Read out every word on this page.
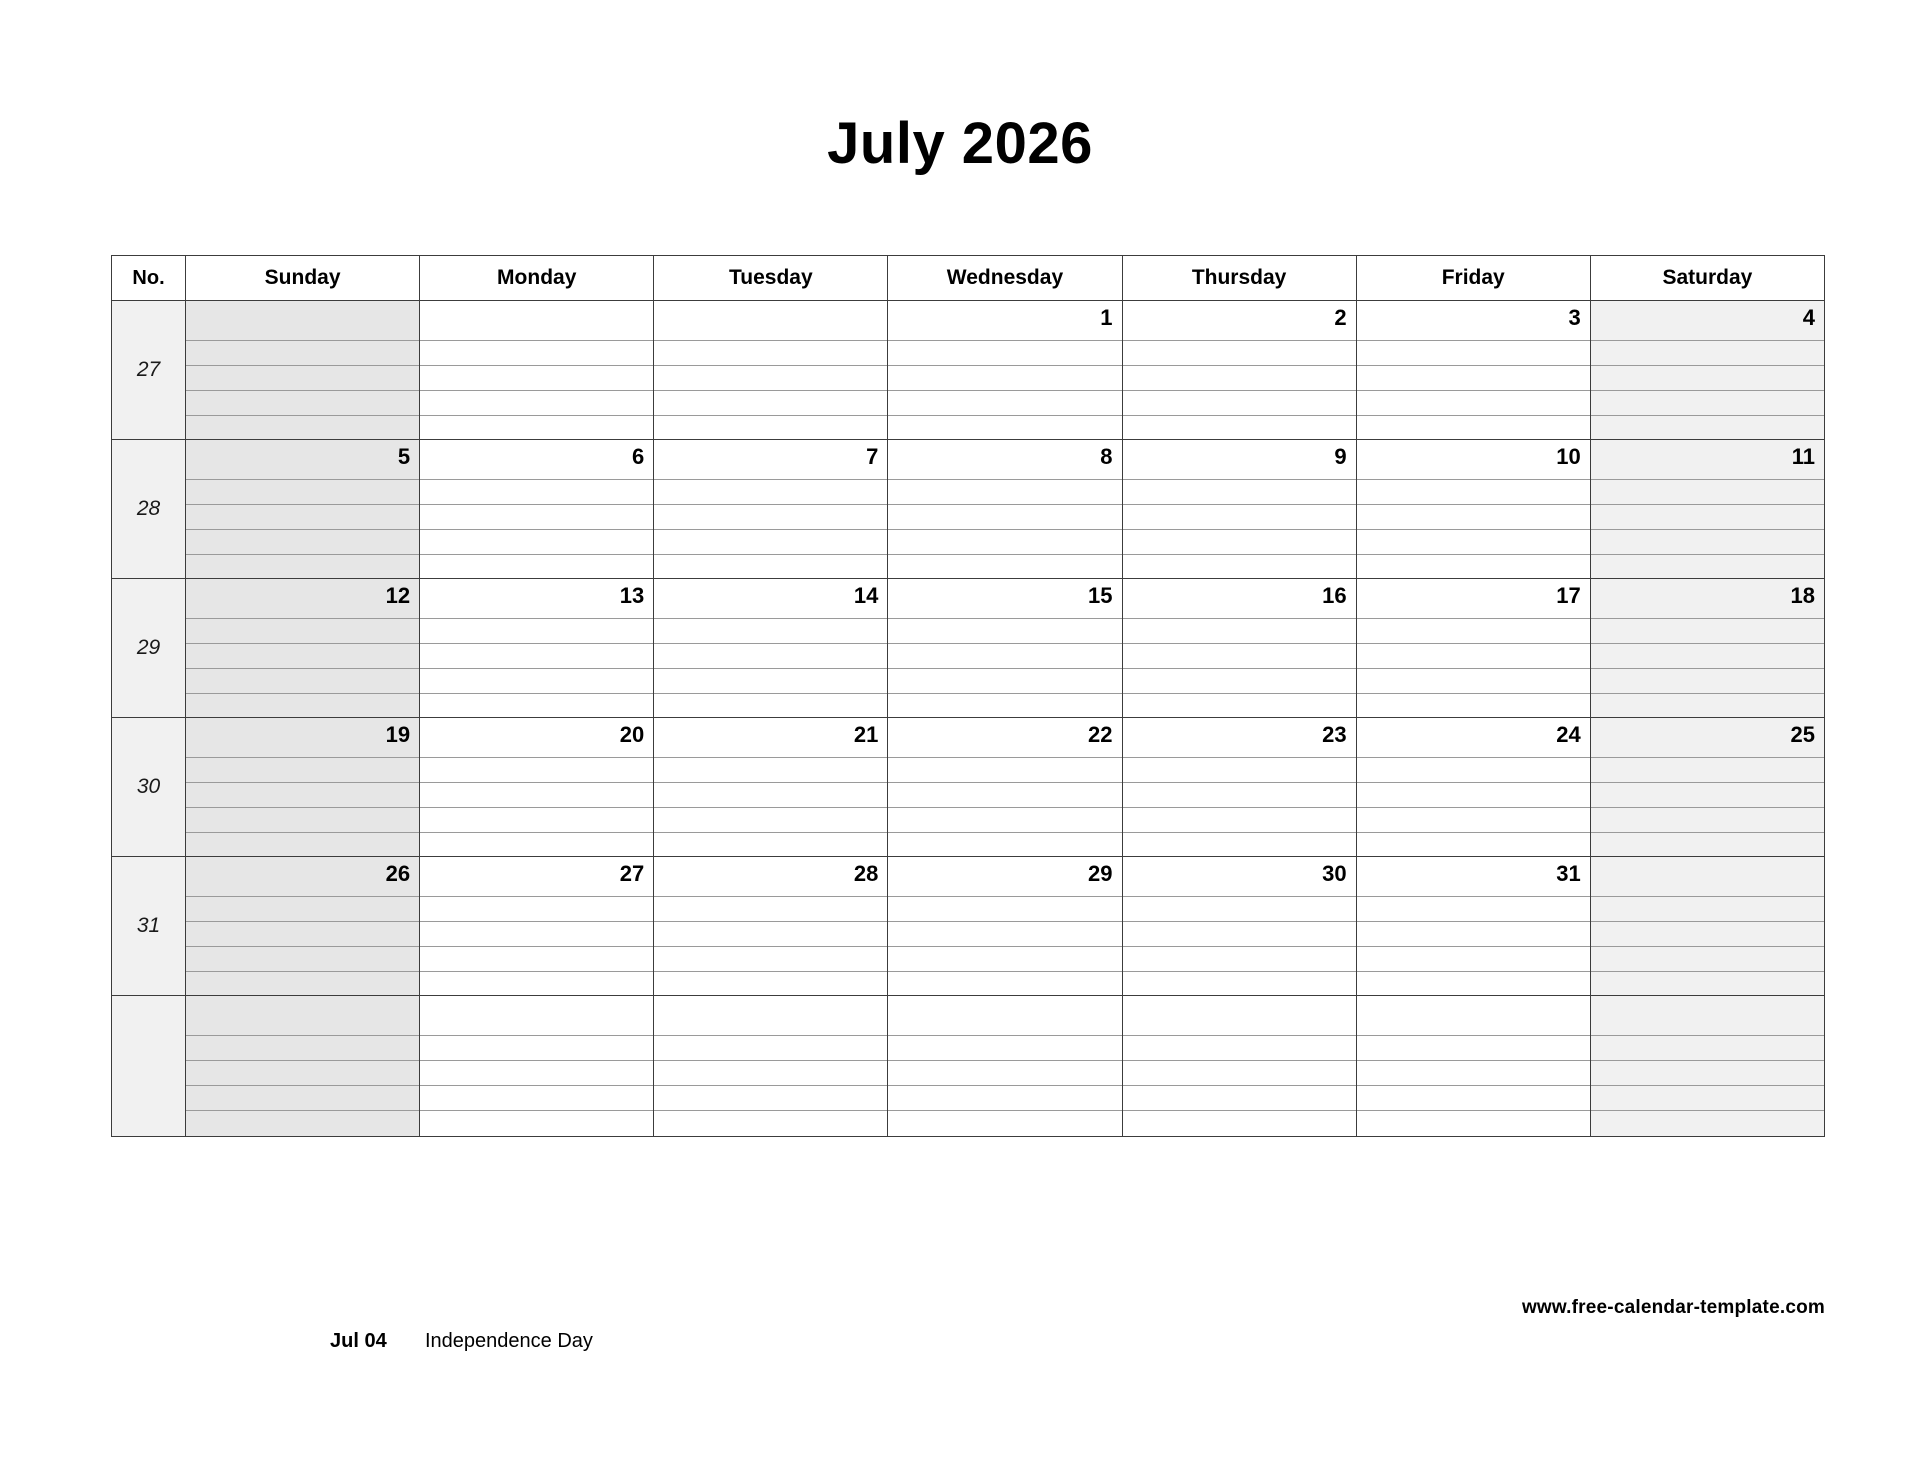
July 2026
No.	Sunday	Monday	Tuesday	Wednesday	Thursday	Friday	Saturday
27				1	2	3	4

28	5	6	7	8	9	10	11

29	12	13	14	15	16	17	18

30	19	20	21	22	23	24	25

31	26	27	28	29	30	31	

www.free-calendar-template.com
Jul 04	Independence Day
